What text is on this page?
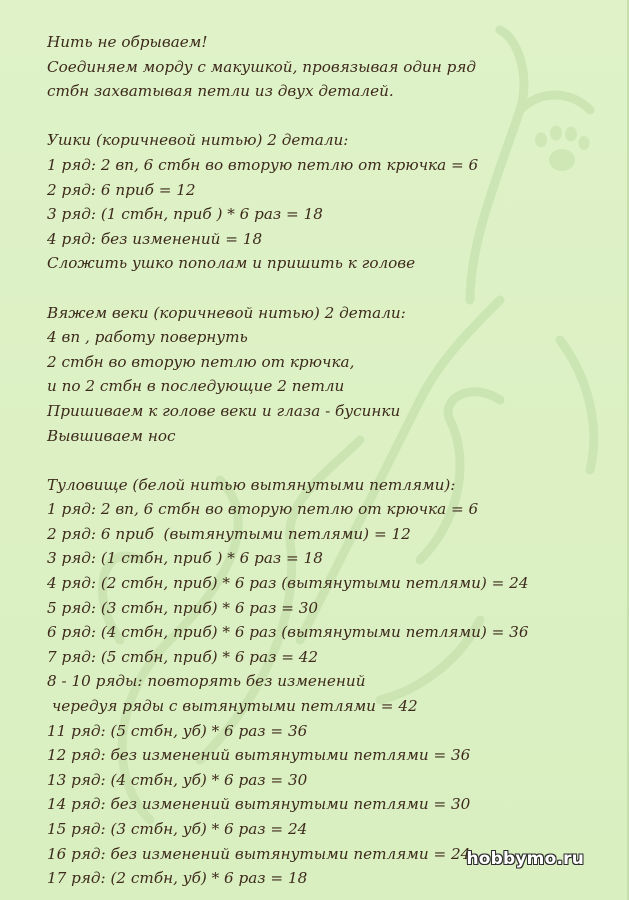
Нить не обрываем!
Соединяем морду с макушкой, провязывая один ряд
стбн захватывая петли из двух деталей.
Ушки (коричневой нитью) 2 детали:
1 ряд: 2 вп, 6 стбн во вторую петлю от крючка = 6
2 ряд: 6 приб = 12
3 ряд: (1 стбн, приб ) * 6 раз = 18
4 ряд: без изменений = 18
Сложить ушко пополам и пришить к голове
Вяжем веки (коричневой нитью) 2 детали:
4 вп , работу повернуть
2 стбн во вторую петлю от крючка,
и по 2 стбн в последующие 2 петли
Пришиваем к голове веки и глаза - бусинки
Вывшиваем нос
Туловище (белой нитью вытянутыми петлями):
1 ряд: 2 вп, 6 стбн во вторую петлю от крючка = 6
2 ряд: 6 приб  (вытянутыми петлями) = 12
3 ряд: (1 стбн, приб ) * 6 раз = 18
4 ряд: (2 стбн, приб) * 6 раз (вытянутыми петлями) = 24
5 ряд: (3 стбн, приб) * 6 раз = 30
6 ряд: (4 стбн, приб) * 6 раз (вытянутыми петлями) = 36
7 ряд: (5 стбн, приб) * 6 раз = 42
8 - 10 ряды: повторять без изменений
чередуя ряды с вытянутыми петлями = 42
11 ряд: (5 стбн, уб) * 6 раз = 36
12 ряд: без изменений вытянутыми петлями = 36
13 ряд: (4 стбн, уб) * 6 раз = 30
14 ряд: без изменений вытянутыми петлями = 30
15 ряд: (3 стбн, уб) * 6 раз = 24
16 ряд: без изменений вытянутыми петлями = 24
17 ряд: (2 стбн, уб) * 6 раз = 18
hobbymo.ru
